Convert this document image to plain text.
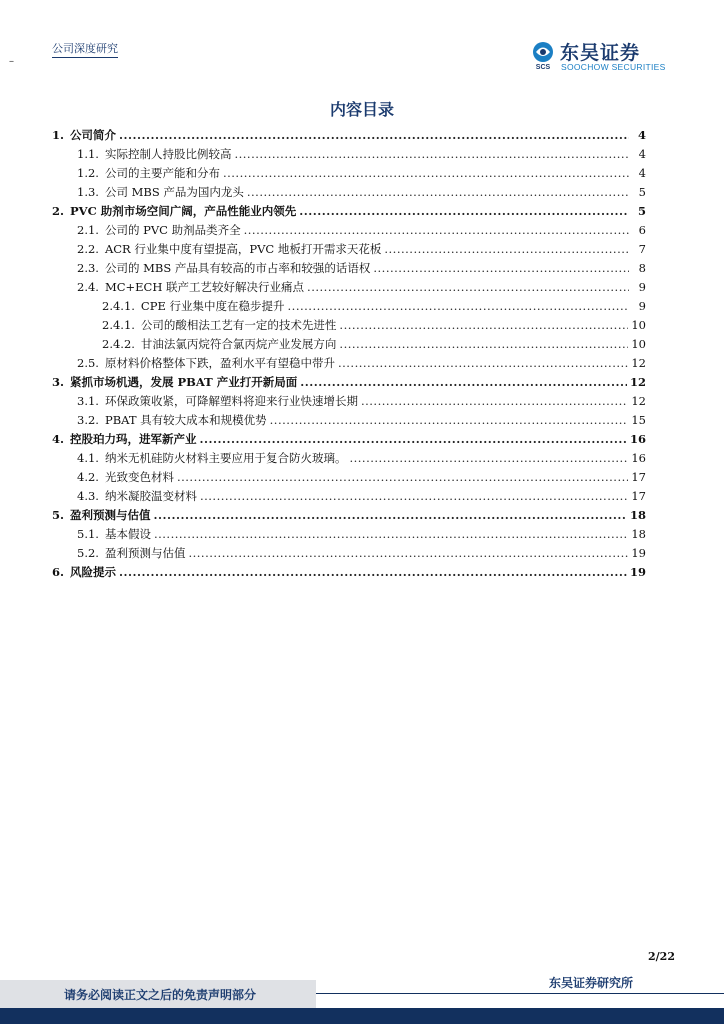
公司深度研究
–
SCS
东吴证券
SOOCHOW SECURITIES
内容目录
1. 公司简介 .....	4
1.1. 实际控制人持股比例较高 .....	4
1.2. 公司的主要产能和分布 .....	4
1.3. 公司 MBS 产品为国内龙头 .....	5
2. PVC 助剂市场空间广阔，产品性能业内领先 .....	5
2.1. 公司的 PVC 助剂品类齐全 .....	6
2.2. ACR 行业集中度有望提高，PVC 地板打开需求天花板 .....	7
2.3. 公司的 MBS 产品具有较高的市占率和较强的话语权 .....	8
2.4. MC+ECH 联产工艺较好解决行业痛点 .....	9
2.4.1. CPE 行业集中度在稳步提升 .....	9
2.4.1. 公司的酸相法工艺有一定的技术先进性 .....	10
2.4.2. 甘油法氯丙烷符合氯丙烷产业发展方向 .....	10
2.5. 原材料价格整体下跌，盈利水平有望稳中带升 .....	12
3. 紧抓市场机遇，发展 PBAT 产业打开新局面 .....	12
3.1. 环保政策收紧，可降解塑料将迎来行业快速增长期 .....	12
3.2. PBAT 具有较大成本和规模优势 .....	15
4. 控股珀力玛，进军新产业 .....	16
4.1. 纳米无机硅防火材料主要应用于复合防火玻璃。 .....	16
4.2. 光致变色材料 .....	17
4.3. 纳米凝胶温变材料 .....	17
5. 盈利预测与估值 .....	18
5.1. 基本假设 .....	18
5.2. 盈利预测与估值 .....	19
6. 风险提示 .....	19
2/22
东吴证券研究所
请务必阅读正文之后的免责声明部分
